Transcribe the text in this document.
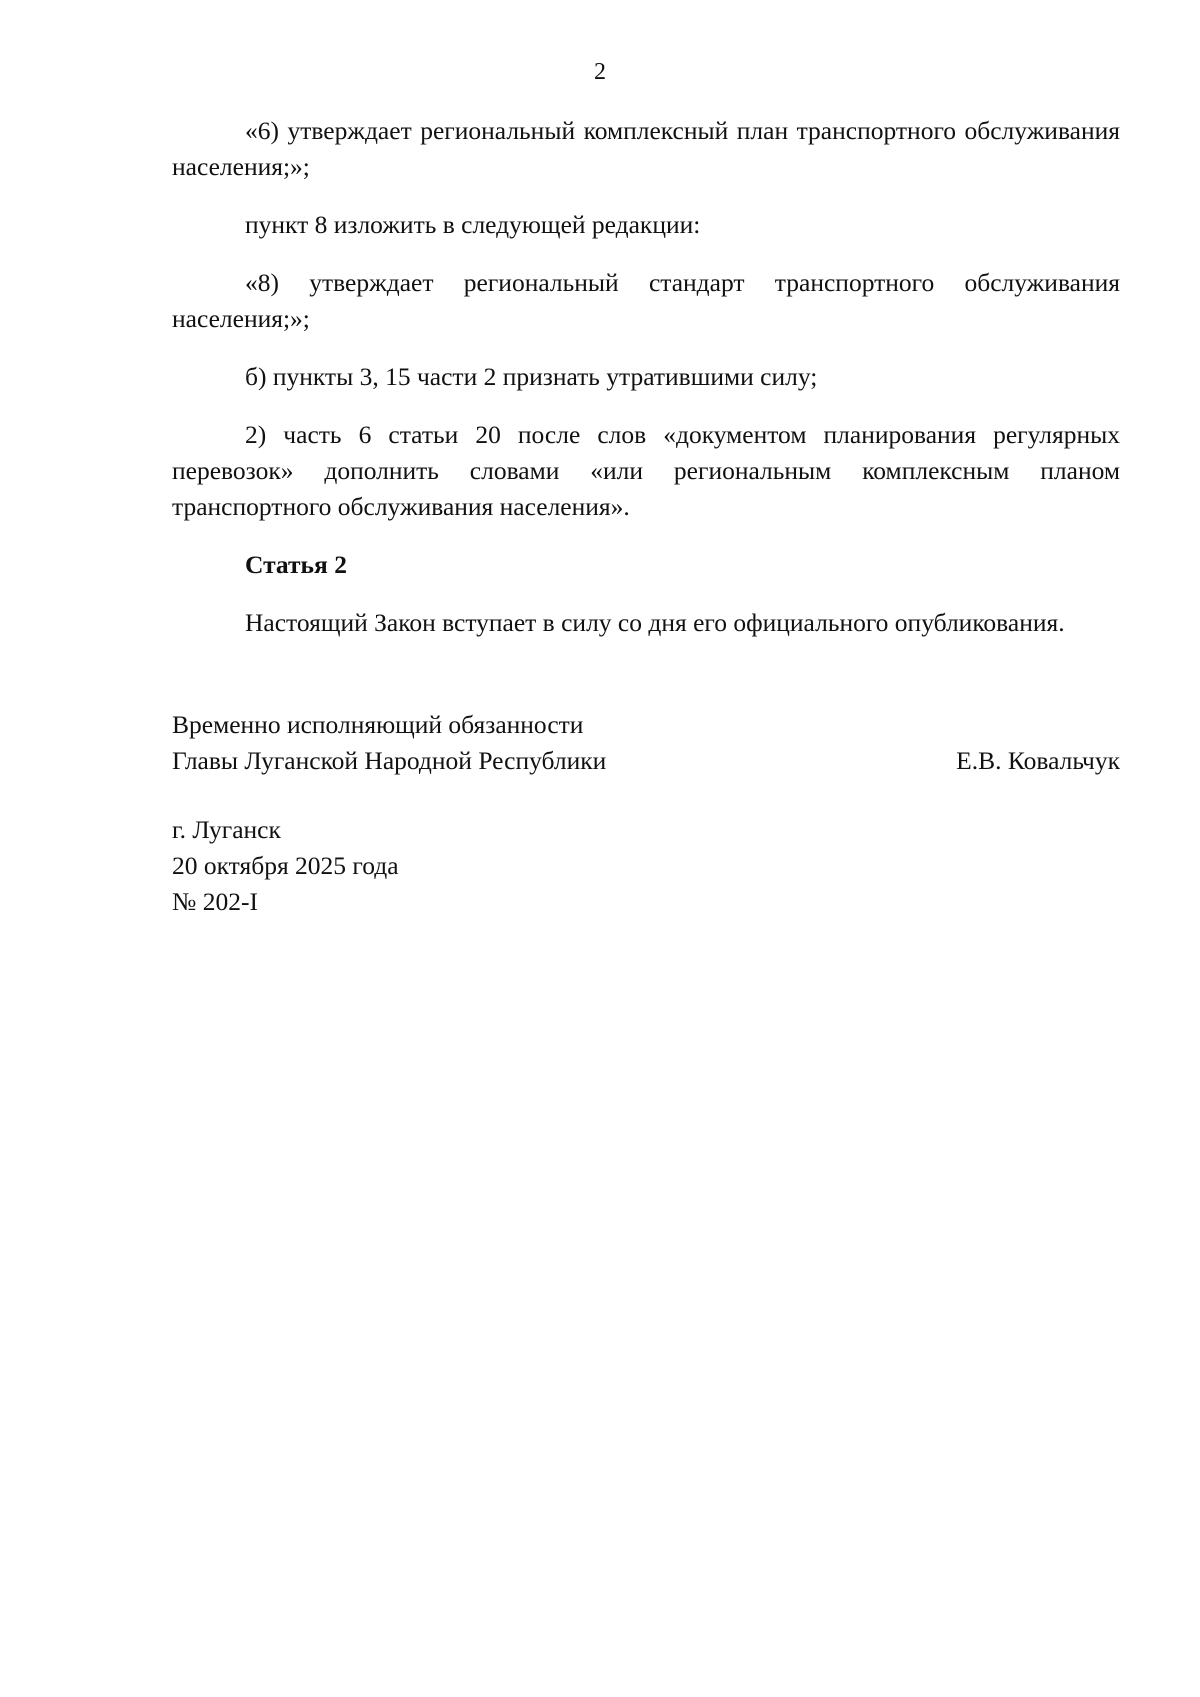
2

«6) утверждает региональный комплексный план транспортного обслуживания населения;»;

пункт 8 изложить в следующей редакции:

«8) утверждает региональный стандарт транспортного обслуживания населения;»;

б) пункты 3, 15 части 2 признать утратившими силу;

2) часть 6 статьи 20 после слов «документом планирования регулярных перевозок» дополнить словами «или региональным комплексным планом транспортного обслуживания населения».

Статья 2

Настоящий Закон вступает в силу со дня его официального опубликования.

Временно исполняющий обязанности
Главы Луганской Народной Республики	Е.В. Ковальчук
г. Луганск
20 октября 2025 года
№ 202-I
